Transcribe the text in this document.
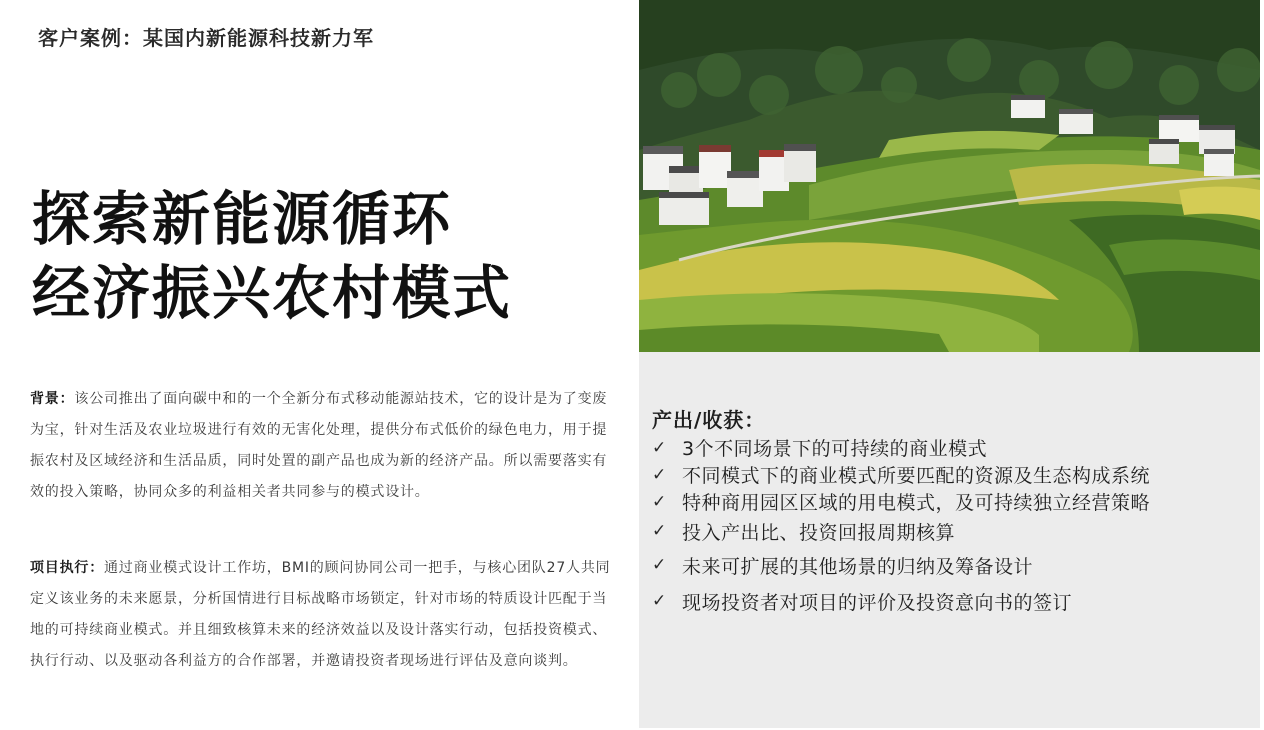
客户案例：某国内新能源科技新力军
探索新能源循环
经济振兴农村模式
背景：该公司推出了面向碳中和的一个全新分布式移动能源站技术，它的设计是为了变废为宝，针对生活及农业垃圾进行有效的无害化处理，提供分布式低价的绿色电力，用于提振农村及区域经济和生活品质，同时处置的副产品也成为新的经济产品。所以需要落实有效的投入策略，协同众多的利益相关者共同参与的模式设计。
项目执行：通过商业模式设计工作坊，BMI的顾问协同公司一把手，与核心团队27人共同定义该业务的未来愿景，分析国情进行目标战略市场锁定，针对市场的特质设计匹配于当地的可持续商业模式。并且细致核算未来的经济效益以及设计落实行动，包括投资模式、执行行动、以及驱动各利益方的合作部署，并邀请投资者现场进行评估及意向谈判。
产出/收获：
✓ 3个不同场景下的可持续的商业模式
✓ 不同模式下的商业模式所要匹配的资源及生态构成系统
✓ 特种商用园区区域的用电模式，及可持续独立经营策略
✓ 投入产出比、投资回报周期核算
✓ 未来可扩展的其他场景的归纳及筹备设计
✓ 现场投资者对项目的评价及投资意向书的签订
